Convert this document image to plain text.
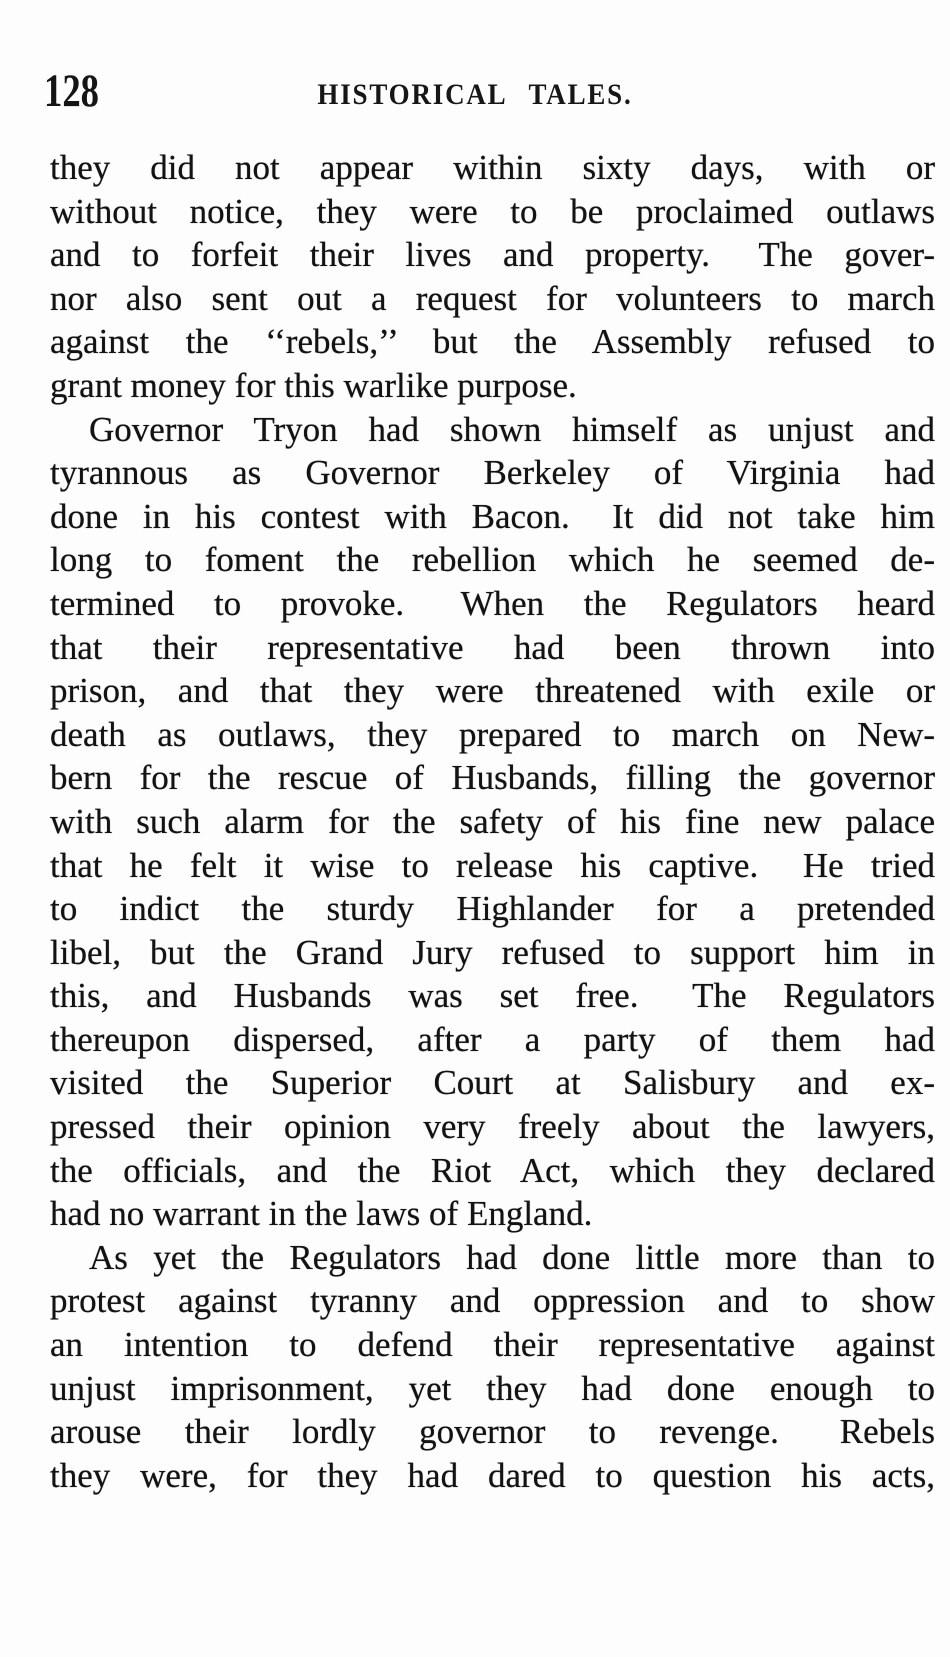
128	HISTORICAL TALES.
they did not appear within sixty days, with or
without notice, they were to be proclaimed outlaws
and to forfeit their lives and property.  The gover-
nor also sent out a request for volunteers to march
against the ‘‘rebels,’’ but the Assembly refused to
grant money for this warlike purpose.
Governor Tryon had shown himself as unjust and
tyrannous as Governor Berkeley of Virginia had
done in his contest with Bacon.  It did not take him
long to foment the rebellion which he seemed de-
termined to provoke.  When the Regulators heard
that their representative had been thrown into
prison, and that they were threatened with exile or
death as outlaws, they prepared to march on New-
bern for the rescue of Husbands, filling the governor
with such alarm for the safety of his fine new palace
that he felt it wise to release his captive.  He tried
to indict the sturdy Highlander for a pretended
libel, but the Grand Jury refused to support him in
this, and Husbands was set free.  The Regulators
thereupon dispersed, after a party of them had
visited the Superior Court at Salisbury and ex-
pressed their opinion very freely about the lawyers,
the officials, and the Riot Act, which they declared
had no warrant in the laws of England.
As yet the Regulators had done little more than to
protest against tyranny and oppression and to show
an intention to defend their representative against
unjust imprisonment, yet they had done enough to
arouse their lordly governor to revenge.  Rebels
they were, for they had dared to question his acts,
